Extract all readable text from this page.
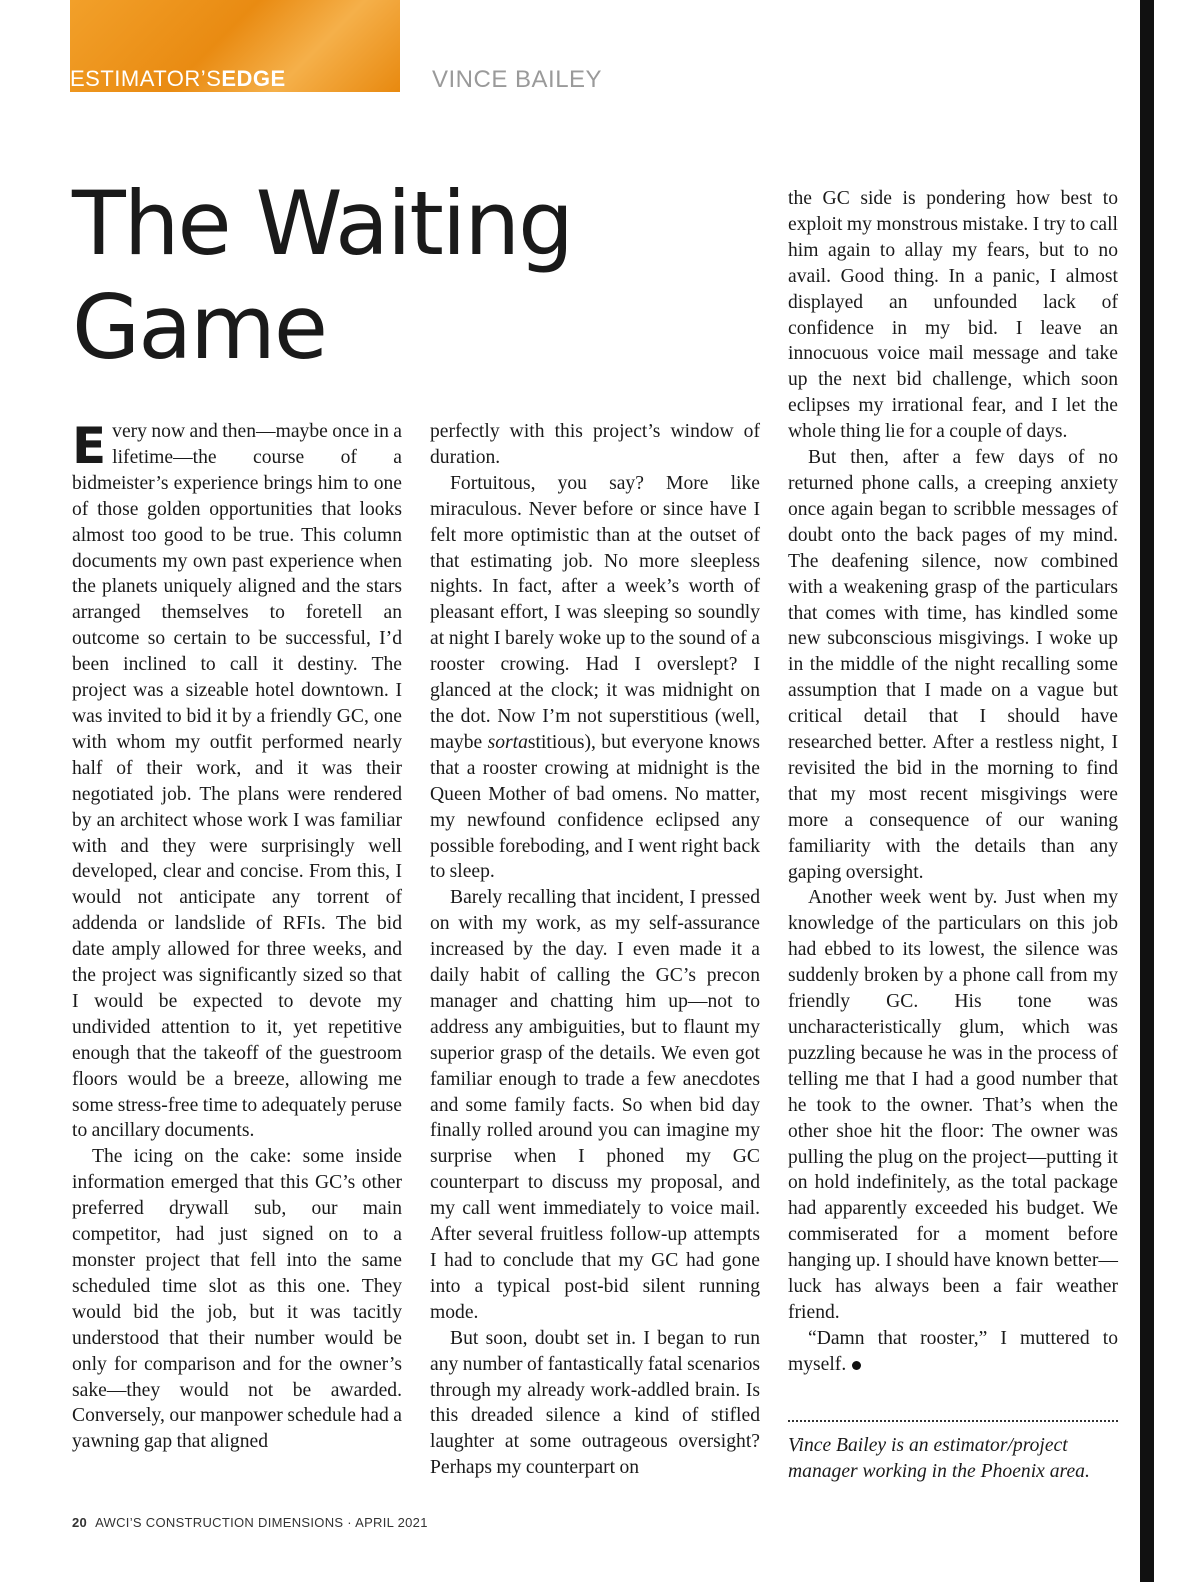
ESTIMATOR’SEDGE	VINCE BAILEY
The Waiting
Game

Every now and then—maybe once in a lifetime—the course of a bidmeister’s experience brings him to one of those golden opportunities that looks almost too good to be true. This column documents my own past experience when the planets uniquely aligned and the stars arranged themselves to foretell an outcome so certain to be successful, I’d been inclined to call it destiny. The project was a sizeable hotel downtown. I was invited to bid it by a friendly GC, one with whom my outfit performed nearly half of their work, and it was their negotiated job. The plans were rendered by an architect whose work I was familiar with and they were surprisingly well developed, clear and concise. From this, I would not anticipate any torrent of addenda or landslide of RFIs. The bid date amply allowed for three weeks, and the project was significantly sized so that I would be expected to devote my undivided attention to it, yet repetitive enough that the takeoff of the guestroom floors would be a breeze, allowing me some stress-free time to adequately peruse to ancillary documents.

The icing on the cake: some inside information emerged that this GC’s other preferred drywall sub, our main competitor, had just signed on to a monster project that fell into the same scheduled time slot as this one. They would bid the job, but it was tacitly understood that their number would be only for comparison and for the owner’s sake—they would not be awarded. Conversely, our manpower schedule had a yawning gap that aligned

perfectly with this project’s window of duration.

Fortuitous, you say? More like miraculous. Never before or since have I felt more optimistic than at the outset of that estimating job. No more sleepless nights. In fact, after a week’s worth of pleasant effort, I was sleeping so soundly at night I barely woke up to the sound of a rooster crowing. Had I overslept? I glanced at the clock; it was midnight on the dot. Now I’m not superstitious (well, maybe sortastitious), but everyone knows that a rooster crowing at midnight is the Queen Mother of bad omens. No matter, my newfound confidence eclipsed any possible foreboding, and I went right back to sleep.

Barely recalling that incident, I pressed on with my work, as my self-assurance increased by the day. I even made it a daily habit of calling the GC’s precon manager and chatting him up—not to address any ambiguities, but to flaunt my superior grasp of the details. We even got familiar enough to trade a few anecdotes and some family facts. So when bid day finally rolled around you can imagine my surprise when I phoned my GC counterpart to discuss my proposal, and my call went immediately to voice mail. After several fruitless follow-up attempts I had to conclude that my GC had gone into a typical post-bid silent running mode.

But soon, doubt set in. I began to run any number of fantastically fatal scenarios through my already work-addled brain. Is this dreaded silence a kind of stifled laughter at some outrageous oversight? Perhaps my counterpart on

the GC side is pondering how best to exploit my monstrous mistake. I try to call him again to allay my fears, but to no avail. Good thing. In a panic, I almost displayed an unfounded lack of confidence in my bid. I leave an innocuous voice mail message and take up the next bid challenge, which soon eclipses my irrational fear, and I let the whole thing lie for a couple of days.

But then, after a few days of no returned phone calls, a creeping anxiety once again began to scribble messages of doubt onto the back pages of my mind. The deafening silence, now combined with a weakening grasp of the particulars that comes with time, has kindled some new subconscious misgivings. I woke up in the middle of the night recalling some assumption that I made on a vague but critical detail that I should have researched better. After a restless night, I revisited the bid in the morning to find that my most recent misgivings were more a consequence of our waning familiarity with the details than any gaping oversight.

Another week went by. Just when my knowledge of the particulars on this job had ebbed to its lowest, the silence was suddenly broken by a phone call from my friendly GC. His tone was uncharacteristically glum, which was puzzling because he was in the process of telling me that I had a good number that he took to the owner. That’s when the other shoe hit the floor: The owner was pulling the plug on the project—putting it on hold indefinitely, as the total package had apparently exceeded his budget. We commiserated for a moment before hanging up. I should have known better—luck has always been a fair weather friend.

“Damn that rooster,” I muttered to myself.

Vince Bailey is an estimator/project manager working in the Phoenix area.

20 AWCI’S CONSTRUCTION DIMENSIONS · APRIL 2021
